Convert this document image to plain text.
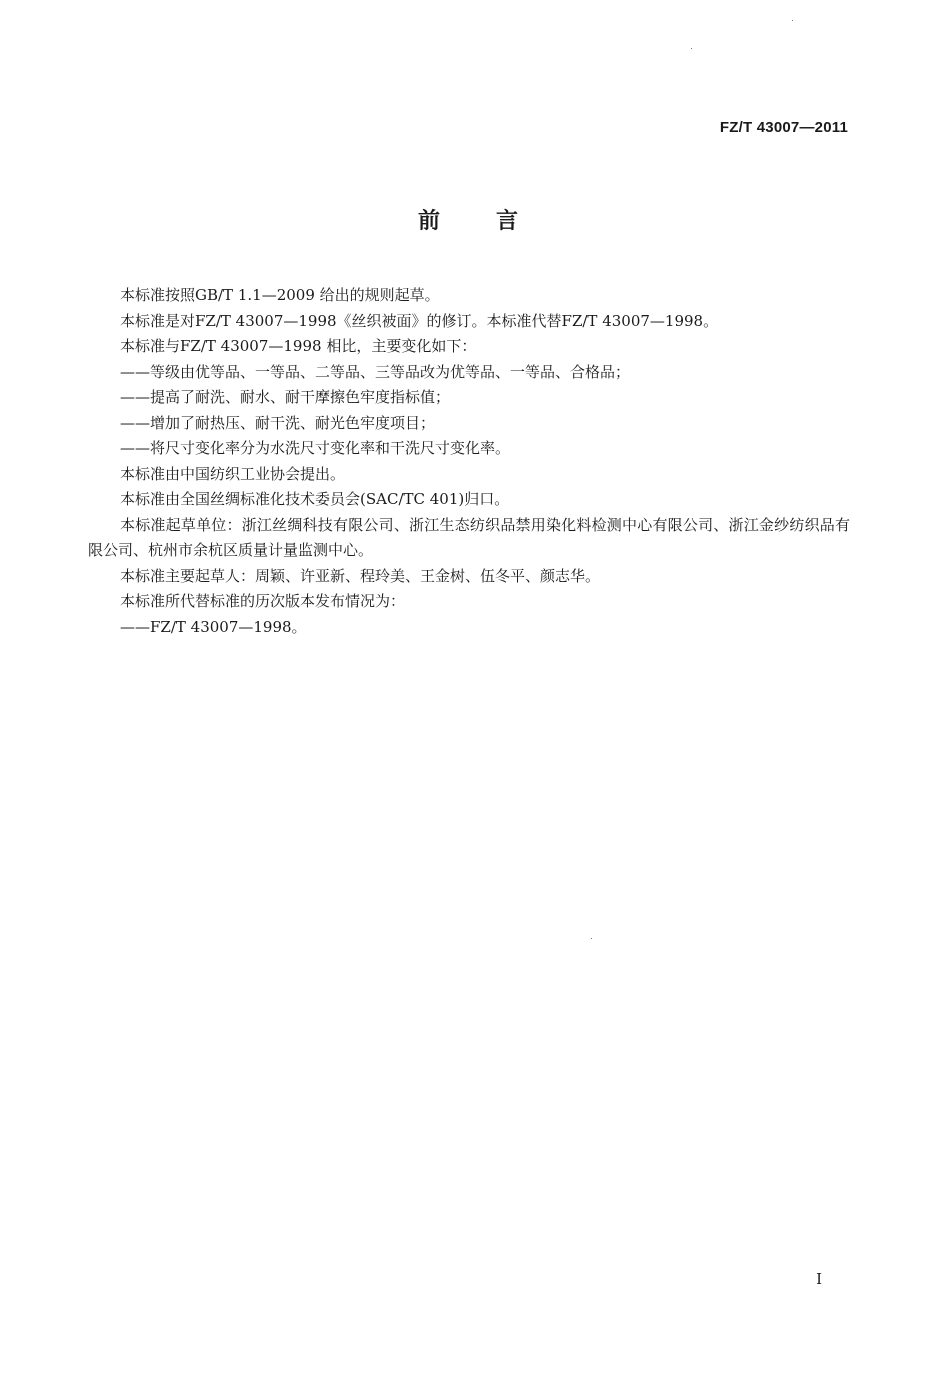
FZ/T 43007—2011
前言

本标准按照GB/T 1.1—2009 给出的规则起草。

本标准是对FZ/T 43007—1998《丝织被面》的修订。本标准代替FZ/T 43007—1998。

本标准与FZ/T 43007—1998 相比，主要变化如下：

——等级由优等品、一等品、二等品、三等品改为优等品、一等品、合格品；

——提高了耐洗、耐水、耐干摩擦色牢度指标值；

——增加了耐热压、耐干洗、耐光色牢度项目；

——将尺寸变化率分为水洗尺寸变化率和干洗尺寸变化率。

本标准由中国纺织工业协会提出。

本标准由全国丝绸标准化技术委员会(SAC/TC 401)归口。

本标准起草单位：浙江丝绸科技有限公司、浙江生态纺织品禁用染化料检测中心有限公司、浙江金纱纺织品有限公司、杭州市余杭区质量计量监测中心。

本标准主要起草人：周颖、许亚新、程玲美、王金树、伍冬平、颜志华。

本标准所代替标准的历次版本发布情况为：

——FZ/T 43007—1998。

I
